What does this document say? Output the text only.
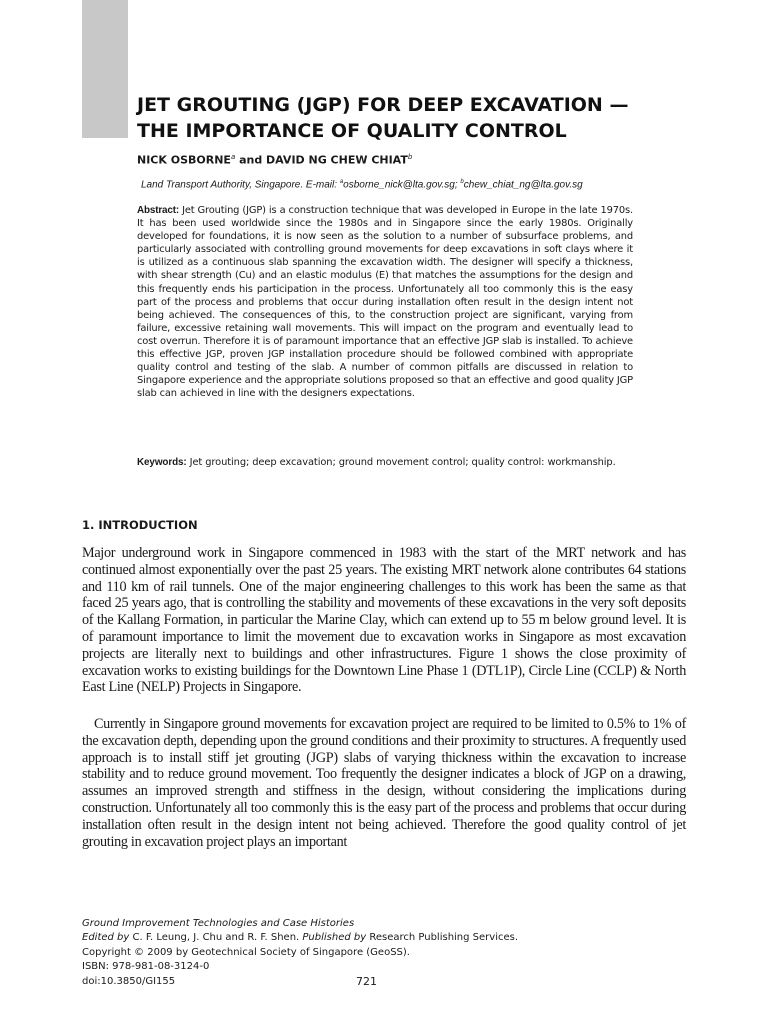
JET GROUTING (JGP) FOR DEEP EXCAVATION —
THE IMPORTANCE OF QUALITY CONTROL
NICK OSBORNE$^a$ and DAVID NG CHEW CHIAT$^b$
Land Transport Authority, Singapore. E-mail: $^a$osborne_nick@lta.gov.sg; $^b$chew_chiat_ng@lta.gov.sg

Abstract: Jet Grouting (JGP) is a construction technique that was developed in Europe in the late 1970s. It has been used worldwide since the 1980s and in Singapore since the early 1980s. Originally developed for foundations, it is now seen as the solution to a number of subsurface problems, and particularly associated with controlling ground movements for deep excavations in soft clays where it is utilized as a continuous slab spanning the excavation width. The designer will specify a thickness, with shear strength (Cu) and an elastic modulus (E) that matches the assumptions for the design and this frequently ends his participation in the process. Unfortunately all too commonly this is the easy part of the process and problems that occur during installation often result in the design intent not being achieved. The consequences of this, to the construction project are significant, varying from failure, excessive retaining wall movements. This will impact on the program and eventually lead to cost overrun. Therefore it is of paramount importance that an effective JGP slab is installed. To achieve this effective JGP, proven JGP installation procedure should be followed combined with appropriate quality control and testing of the slab. A number of common pitfalls are discussed in relation to Singapore experience and the appropriate solutions proposed so that an effective and good quality JGP slab can achieved in line with the designers expectations.

Keywords: Jet grouting; deep excavation; ground movement control; quality control: workmanship.

1. INTRODUCTION

Major underground work in Singapore commenced in 1983 with the start of the MRT network and has continued almost exponentially over the past 25 years. The existing MRT network alone contributes 64 stations and 110 km of rail tunnels. One of the major engineering challenges to this work has been the same as that faced 25 years ago, that is controlling the stability and movements of these excavations in the very soft deposits of the Kallang Formation, in particular the Marine Clay, which can extend up to 55 m below ground level. It is of paramount importance to limit the movement due to excavation works in Singapore as most excavation projects are literally next to buildings and other infrastructures. Figure 1 shows the close proximity of excavation works to existing buildings for the Downtown Line Phase 1 (DTL1P), Circle Line (CCLP) & North East Line (NELP) Projects in Singapore.

Currently in Singapore ground movements for excavation project are required to be limited to 0.5% to 1% of the excavation depth, depending upon the ground conditions and their proximity to structures. A frequently used approach is to install stiff jet grouting (JGP) slabs of varying thickness within the excavation to increase stability and to reduce ground movement. Too frequently the designer indicates a block of JGP on a drawing, assumes an improved strength and stiffness in the design, without considering the implications during construction. Unfortunately all too commonly this is the easy part of the process and problems that occur during installation often result in the design intent not being achieved. Therefore the good quality control of jet grouting in excavation project plays an important

Ground Improvement Technologies and Case Histories
Edited by C. F. Leung, J. Chu and R. F. Shen. Published by Research Publishing Services.
Copyright © 2009 by Geotechnical Society of Singapore (GeoSS).
ISBN: 978-981-08-3124-0
doi:10.3850/GI155	721
